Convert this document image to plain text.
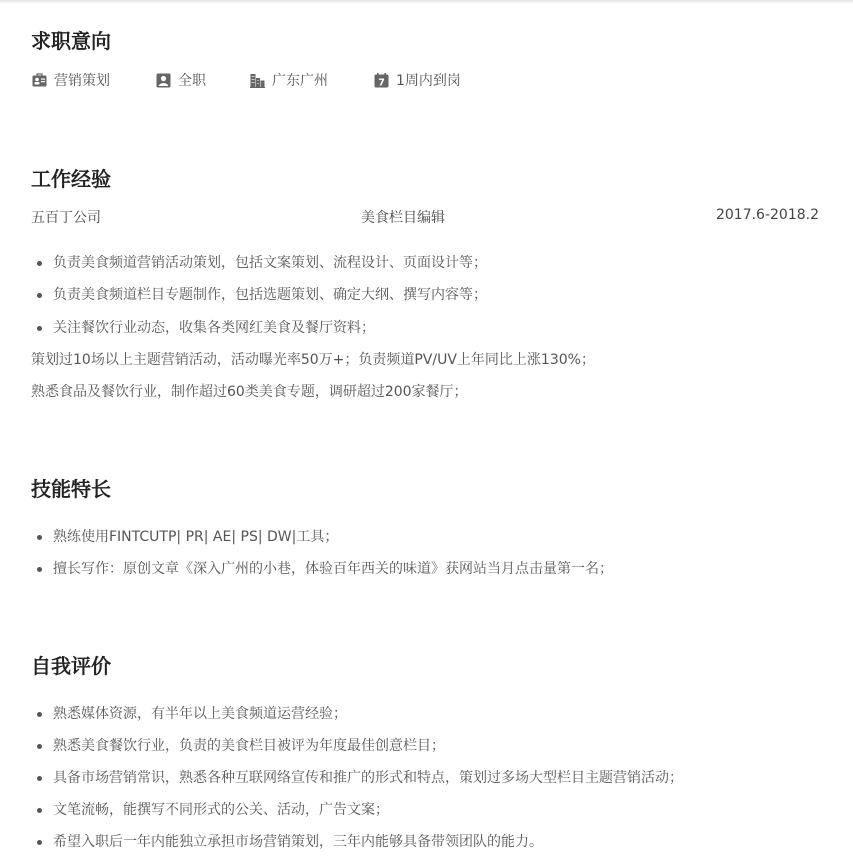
求职意向
营销策划	全职	广东广州	7 1周内到岗
工作经验
五百丁公司	美食栏目编辑	2017.6-2018.2
负责美食频道营销活动策划，包括文案策划、流程设计、页面设计等；
负责美食频道栏目专题制作，包括选题策划、确定大纲、撰写内容等；
关注餐饮行业动态，收集各类网红美食及餐厅资料；
策划过10场以上主题营销活动，活动曝光率50万+；负责频道PV/UV上年同比上涨130%；
熟悉食品及餐饮行业，制作超过60类美食专题，调研超过200家餐厅；
技能特长
熟练使用FINTCUTP| PR| AE| PS| DW|工具；
擅长写作：原创文章《深入广州的小巷，体验百年西关的味道》获网站当月点击量第一名；
自我评价
熟悉媒体资源，有半年以上美食频道运营经验；
熟悉美食餐饮行业，负责的美食栏目被评为年度最佳创意栏目；
具备市场营销常识，熟悉各种互联网络宣传和推广的形式和特点，策划过多场大型栏目主题营销活动；
文笔流畅，能撰写不同形式的公关、活动，广告文案；
希望入职后一年内能独立承担市场营销策划，三年内能够具备带领团队的能力。
